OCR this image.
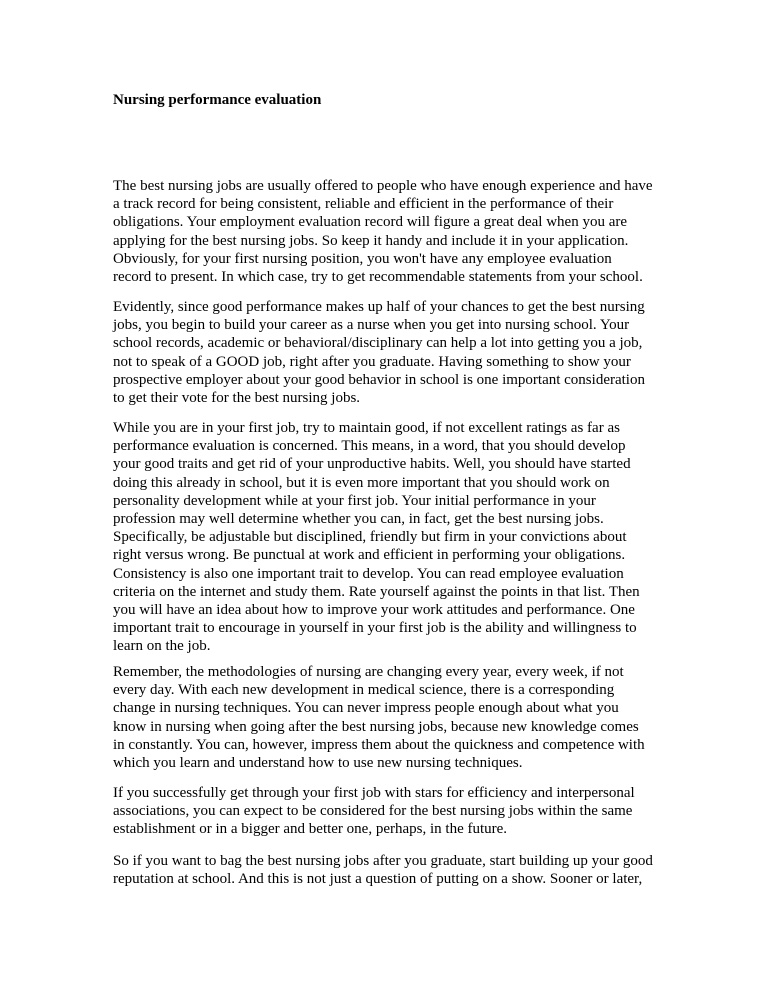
Nursing performance evaluation

The best nursing jobs are usually offered to people who have enough experience and have
a track record for being consistent, reliable and efficient in the performance of their
obligations. Your employment evaluation record will figure a great deal when you are
applying for the best nursing jobs. So keep it handy and include it in your application.
Obviously, for your first nursing position, you won't have any employee evaluation
record to present. In which case, try to get recommendable statements from your school.

Evidently, since good performance makes up half of your chances to get the best nursing
jobs, you begin to build your career as a nurse when you get into nursing school. Your
school records, academic or behavioral/disciplinary can help a lot into getting you a job,
not to speak of a GOOD job, right after you graduate. Having something to show your
prospective employer about your good behavior in school is one important consideration
to get their vote for the best nursing jobs.

While you are in your first job, try to maintain good, if not excellent ratings as far as
performance evaluation is concerned. This means, in a word, that you should develop
your good traits and get rid of your unproductive habits. Well, you should have started
doing this already in school, but it is even more important that you should work on
personality development while at your first job. Your initial performance in your
profession may well determine whether you can, in fact, get the best nursing jobs.
Specifically, be adjustable but disciplined, friendly but firm in your convictions about
right versus wrong. Be punctual at work and efficient in performing your obligations.
Consistency is also one important trait to develop. You can read employee evaluation
criteria on the internet and study them. Rate yourself against the points in that list. Then
you will have an idea about how to improve your work attitudes and performance. One
important trait to encourage in yourself in your first job is the ability and willingness to
learn on the job.

Remember, the methodologies of nursing are changing every year, every week, if not
every day. With each new development in medical science, there is a corresponding
change in nursing techniques. You can never impress people enough about what you
know in nursing when going after the best nursing jobs, because new knowledge comes
in constantly. You can, however, impress them about the quickness and competence with
which you learn and understand how to use new nursing techniques.

If you successfully get through your first job with stars for efficiency and interpersonal
associations, you can expect to be considered for the best nursing jobs within the same
establishment or in a bigger and better one, perhaps, in the future.

So if you want to bag the best nursing jobs after you graduate, start building up your good
reputation at school. And this is not just a question of putting on a show. Sooner or later,
